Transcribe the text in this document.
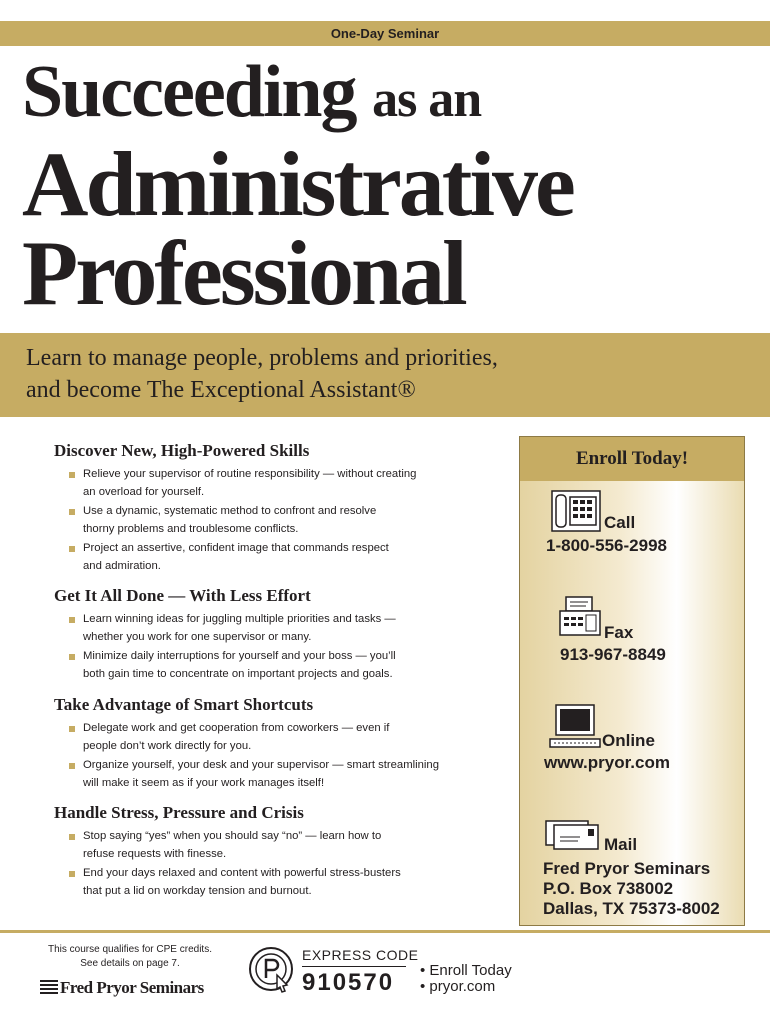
One-Day Seminar
Succeeding as an
Administrative
Professional
Learn to manage people, problems and priorities,
and become The Exceptional Assistant®
Discover New, High-Powered Skills
Relieve your supervisor of routine responsibility — without creating
an overload for yourself.
Use a dynamic, systematic method to confront and resolve
thorny problems and troublesome conflicts.
Project an assertive, confident image that commands respect
and admiration.
Get It All Done — With Less Effort
Learn winning ideas for juggling multiple priorities and tasks —
whether you work for one supervisor or many.
Minimize daily interruptions for yourself and your boss — you’ll
both gain time to concentrate on important projects and goals.
Take Advantage of Smart Shortcuts
Delegate work and get cooperation from coworkers — even if
people don’t work directly for you.
Organize yourself, your desk and your supervisor — smart streamlining
will make it seem as if your work manages itself!
Handle Stress, Pressure and Crisis
Stop saying “yes” when you should say “no” — learn how to
refuse requests with finesse.
End your days relaxed and content with powerful stress-busters
that put a lid on workday tension and burnout.
Enroll Today!
Call
1-800-556-2998
Fax
913-967-8849
Online
www.pryor.com
Mail
Fred Pryor Seminars
P.O. Box 738002
Dallas, TX 75373-8002
This course qualifies for CPE credits.
See details on page 7.
Fred Pryor Seminars
EXPRESS CODE
910570 • Enroll Today
• pryor.com
